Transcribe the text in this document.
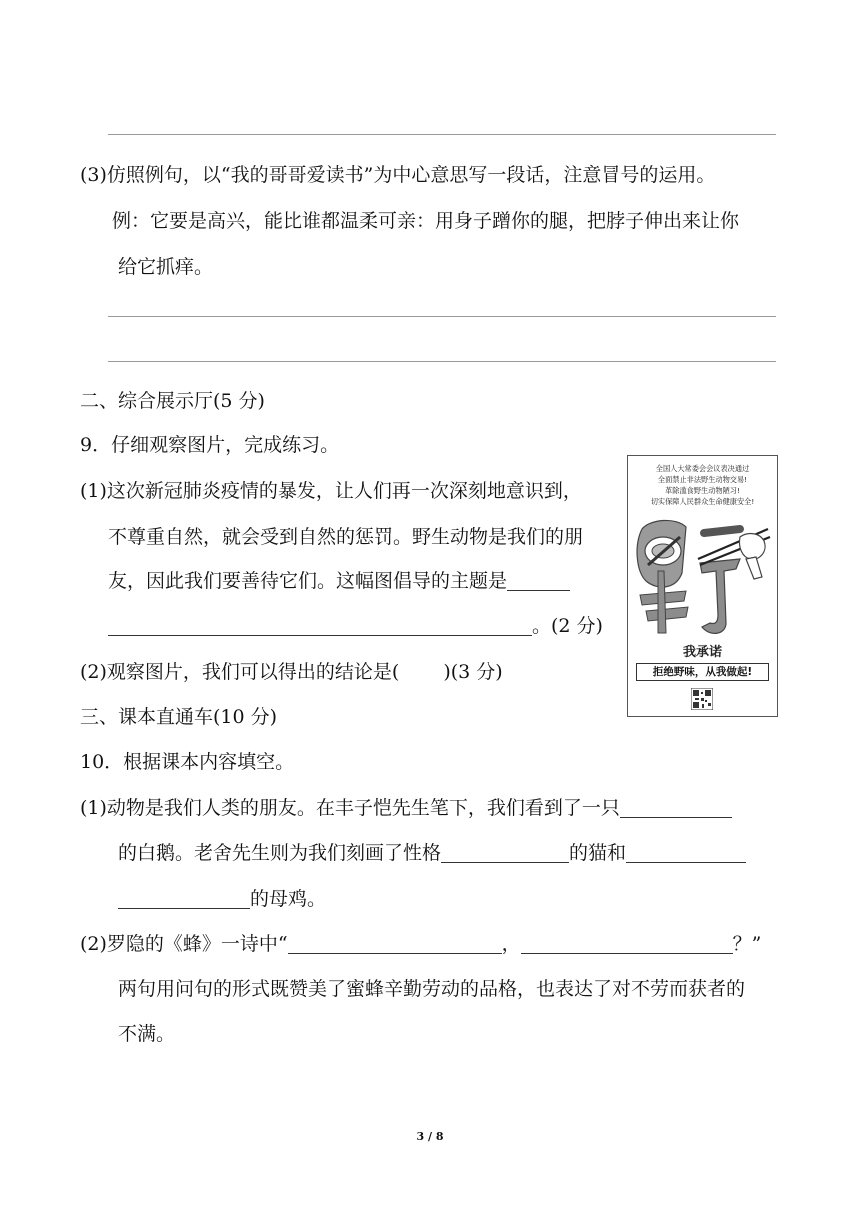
(3)仿照例句，以“我的哥哥爱读书”为中心意思写一段话，注意冒号的运用。
例：它要是高兴，能比谁都温柔可亲：用身子蹭你的腿，把脖子伸出来让你
给它抓痒。
二、综合展示厅(5 分)
9．仔细观察图片，完成练习。
(1)这次新冠肺炎疫情的暴发，让人们再一次深刻地意识到，
不尊重自然，就会受到自然的惩罚。野生动物是我们的朋
友，因此我们要善待它们。这幅图倡导的主题是
。(2 分)
(2)观察图片，我们可以得出的结论是( )(3 分)
全国人大常委会会议表决通过
全面禁止非法野生动物交易!
革除滥食野生动物陋习!
切实保障人民群众生命健康安全!
我承诺
拒绝野味，从我做起!
三、课本直通车(10 分)
10．根据课本内容填空。
(1)动物是我们人类的朋友。在丰子恺先生笔下，我们看到了一只
的白鹅。老舍先生则为我们刻画了性格	的猫和
的母鸡。
(2)罗隐的《蜂》一诗中“	，	？”
两句用问句的形式既赞美了蜜蜂辛勤劳动的品格，也表达了对不劳而获者的
不满。
3 / 8
